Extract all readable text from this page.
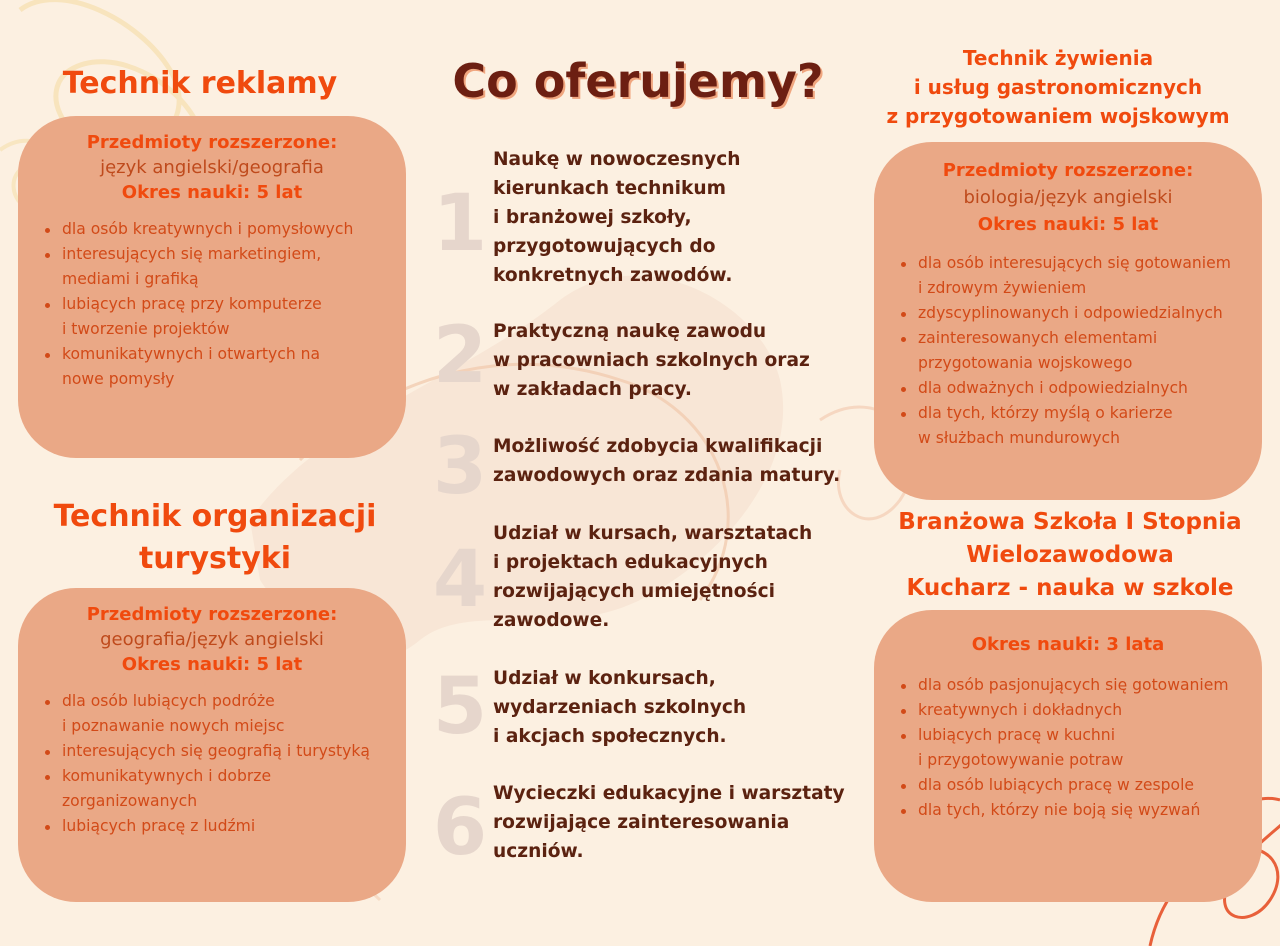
Technik reklamy
Przedmioty rozszerzone:
język angielski/geografia
Okres nauki: 5 lat
dla osób kreatywnych i pomysłowych
interesujących się marketingiem,
mediami i grafiką
lubiących pracę przy komputerze
i tworzenie projektów
komunikatywnych i otwartych na
nowe pomysły
Technik organizacji
turystyki
Przedmioty rozszerzone:
geografia/język angielski
Okres nauki: 5 lat
dla osób lubiących podróże
i poznawanie nowych miejsc
interesujących się geografią i turystyką
komunikatywnych i dobrze
zorganizowanych
lubiących pracę z ludźmi
Co oferujemy?
1
Naukę w nowoczesnych
kierunkach technikum
i branżowej szkoły,
przygotowujących do
konkretnych zawodów.
2 Praktyczną naukę zawodu
w pracowniach szkolnych oraz
w zakładach pracy.
3 Możliwość zdobycia kwalifikacji
zawodowych oraz zdania matury.
4
Udział w kursach, warsztatach
i projektach edukacyjnych
rozwijających umiejętności
zawodowe.
5 Udział w konkursach,
wydarzeniach szkolnych
i akcjach społecznych.
6 Wycieczki edukacyjne i warsztaty
rozwijające zainteresowania
uczniów.
Technik żywienia
i usług gastronomicznych
z przygotowaniem wojskowym
Przedmioty rozszerzone:
biologia/język angielski
Okres nauki: 5 lat
dla osób interesujących się gotowaniem
i zdrowym żywieniem
zdyscyplinowanych i odpowiedzialnych
zainteresowanych elementami
przygotowania wojskowego
dla odważnych i odpowiedzialnych
dla tych, którzy myślą o karierze
w służbach mundurowych
Branżowa Szkoła I Stopnia
Wielozawodowa
Kucharz - nauka w szkole
Okres nauki: 3 lata
dla osób pasjonujących się gotowaniem
kreatywnych i dokładnych
lubiących pracę w kuchni
i przygotowywanie potraw
dla osób lubiących pracę w zespole
dla tych, którzy nie boją się wyzwań
